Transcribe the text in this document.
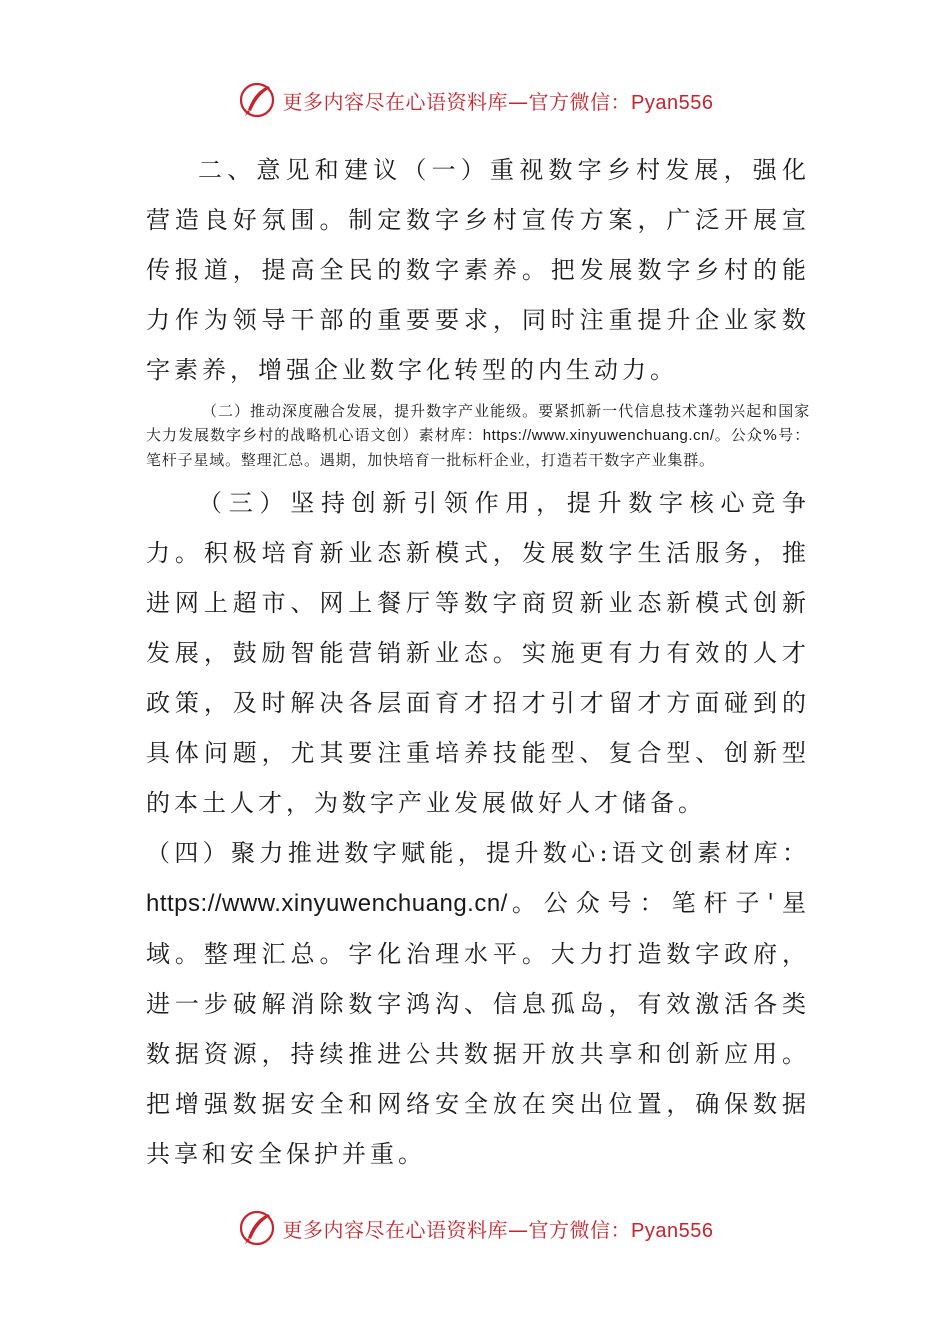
更多内容尽在心语资料库—官方微信：Pyan556

二、意见和建议（一）重视数字乡村发展，强化营造良好氛围。制定数字乡村宣传方案，广泛开展宣传报道，提高全民的数字素养。把发展数字乡村的能力作为领导干部的重要要求，同时注重提升企业家数字素养，增强企业数字化转型的内生动力。

（二）推动深度融合发展，提升数字产业能级。要紧抓新一代信息技术蓬勃兴起和国家大力发展数字乡村的战略机心语文创）素材库：https://www.xinyuwenchuang.cn/。公众%号：笔杆子星域。整理汇总。遇期，加快培育一批标杆企业，打造若干数字产业集群。

（三）坚持创新引领作用，提升数字核心竞争力。积极培育新业态新模式，发展数字生活服务，推进网上超市、网上餐厅等数字商贸新业态新模式创新发展，鼓励智能营销新业态。实施更有力有效的人才政策，及时解决各层面育才招才引才留才方面碰到的具体问题，尤其要注重培养技能型、复合型、创新型的本土人才，为数字产业发展做好人才储备。

（四）聚力推进数字赋能，提升数心:语文创素材库：https://www.xinyuwenchuang.cn/。公众号：笔杆子'星域。整理汇总。字化治理水平。大力打造数字政府，进一步破解消除数字鸿沟、信息孤岛，有效激活各类数据资源，持续推进公共数据开放共享和创新应用。把增强数据安全和网络安全放在突出位置，确保数据共享和安全保护并重。

更多内容尽在心语资料库—官方微信：Pyan556
